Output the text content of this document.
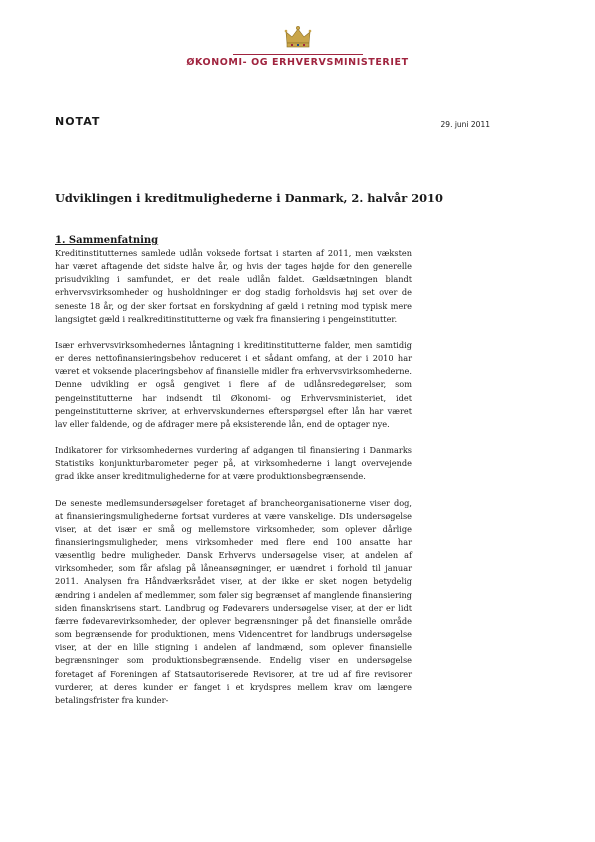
ØKONOMI- OG ERHVERVSMINISTERIET
NOTAT	29. juni 2011
Udviklingen i kreditmulighederne i Danmark, 2. halvår 2010
1. Sammenfatning

Kreditinstitutternes samlede udlån voksede fortsat i starten af 2011, men væksten har været aftagende det sidste halve år, og hvis der tages højde for den generelle prisudvikling i samfundet, er det reale udlån faldet. Gældsætningen blandt erhvervsvirksomheder og husholdninger er dog stadig forholdsvis høj set over de seneste 18 år, og der sker fortsat en forskydning af gæld i retning mod typisk mere langsigtet gæld i realkreditinstitutterne og væk fra finansiering i pengeinstitutter.

Især erhvervsvirksomhedernes låntagning i kreditinstitutterne falder, men samtidig er deres nettofinansieringsbehov reduceret i et sådant omfang, at der i 2010 har været et voksende placeringsbehov af finansielle midler fra erhvervsvirksomhederne. Denne udvikling er også gengivet i flere af de udlånsredegørelser, som pengeinstitutterne har indsendt til Økonomi- og Erhvervsministeriet, idet pengeinstitutterne skriver, at erhvervskundernes efterspørgsel efter lån har været lav eller faldende, og de afdrager mere på eksisterende lån, end de optager nye.

Indikatorer for virksomhedernes vurdering af adgangen til finansiering i Danmarks Statistiks konjunkturbarometer peger på, at virksomhederne i langt overvejende grad ikke anser kreditmulighederne for at være produktionsbegrænsende.

De seneste medlemsundersøgelser foretaget af brancheorganisationerne viser dog, at finansieringsmulighederne fortsat vurderes at være vanskelige. DIs undersøgelse viser, at det især er små og mellemstore virksomheder, som oplever dårlige finansieringsmuligheder, mens virksomheder med flere end 100 ansatte har væsentlig bedre muligheder. Dansk Erhvervs undersøgelse viser, at andelen af virksomheder, som får afslag på låneansøgninger, er uændret i forhold til januar 2011. Analysen fra Håndværksrådet viser, at der ikke er sket nogen betydelig ændring i andelen af medlemmer, som føler sig begrænset af manglende finansiering siden finanskrisens start. Landbrug og Fødevarers undersøgelse viser, at der er lidt færre fødevarevirksomheder, der oplever begrænsninger på det finansielle område som begrænsende for produktionen, mens Videncentret for landbrugs undersøgelse viser, at der en lille stigning i andelen af landmænd, som oplever finansielle begrænsninger som produktionsbegrænsende. Endelig viser en undersøgelse foretaget af Foreningen af Statsautoriserede Revisorer, at tre ud af fire revisorer vurderer, at deres kunder er fanget i et krydspres mellem krav om længere betalingsfrister fra kunder-
